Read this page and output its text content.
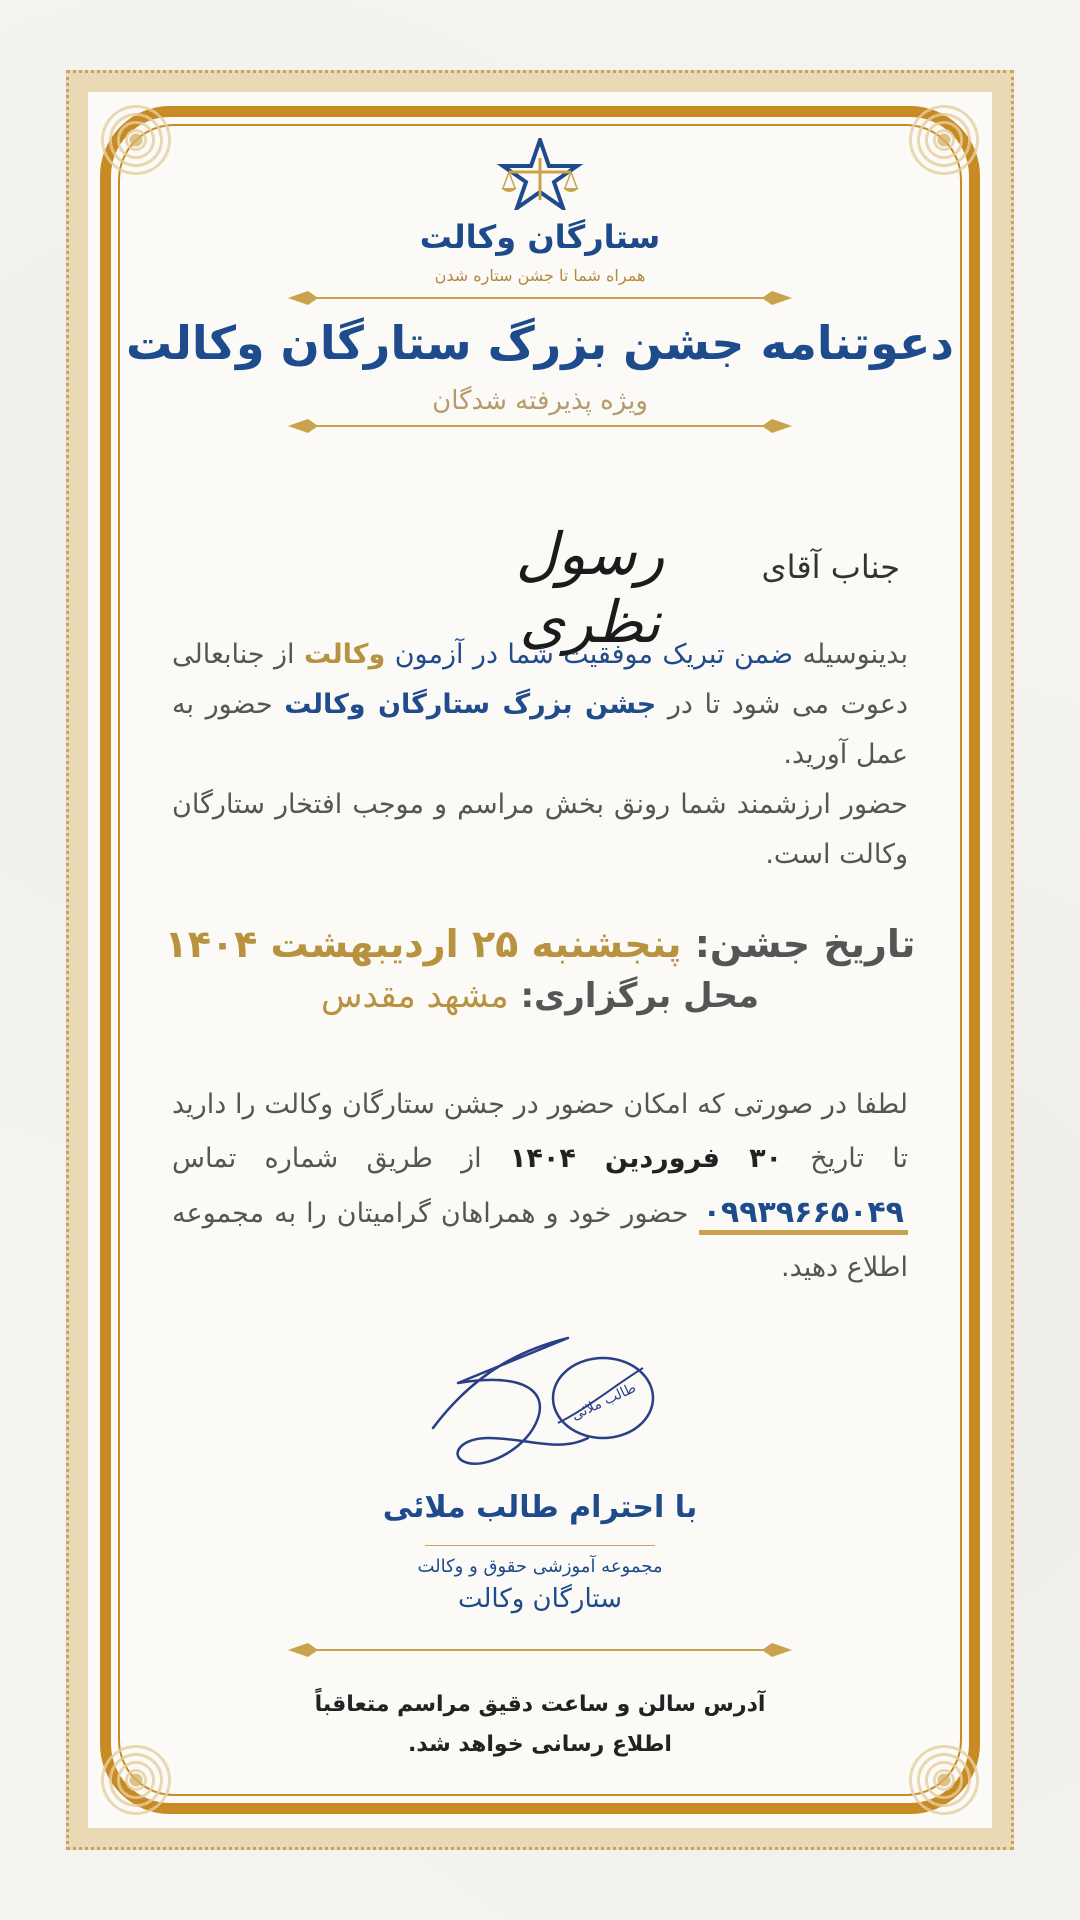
ستارگان وکالت
همراه شما تا جشن ستاره شدن
دعوتنامه جشن بزرگ ستارگان وکالت
ویژه پذیرفته شدگان
جناب آقای
رسول نظری	بدینوسیله ضمن تبریک موفقیت شما در آزمون وکالت از جنابعالی دعوت می شود تا در جشن بزرگ ستارگان وکالت حضور به عمل آورید.
حضور ارزشمند شما رونق بخش مراسم و موجب افتخار ستارگان وکالت است.
تاریخ جشن: پنجشنبه ۲۵ اردیبهشت ۱۴۰۴
محل برگزاری: مشهد مقدس
لطفا در صورتی که امکان حضور در جشن ستارگان وکالت را دارید تا تاریخ ۳۰ فروردین ۱۴۰۴ از طریق شماره تماس ۰۹۹۳۹۶۶۵۰۴۹ حضور خود و همراهان گرامیتان را به مجموعه اطلاع دهید.
طالب ملائی
با احترام طالب ملائی
مجموعه آموزشی حقوق و وکالت
ستارگان وکالت
آدرس سالن و ساعت دقیق مراسم متعاقباً
اطلاع رسانی خواهد شد.
